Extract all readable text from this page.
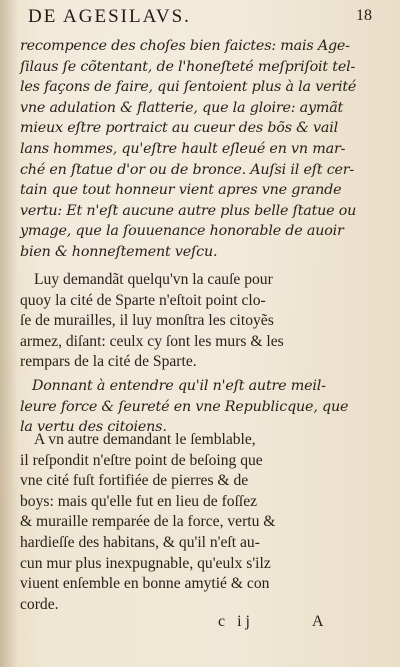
DE AGESILAVS.	18
recompence des choſes bien faictes: mais Age-
ſilaus ſe cõtentant, de l'honeſteté meſpriſoit tel-
les façons de faire, qui ſentoient plus à la verité
vne adulation & flatterie, que la gloire: aymãt
mieux eſtre portraict au cueur des bõs & vail
lans hommes, qu'eſtre hault eſleué en vn mar-
ché en ſtatue d'or ou de bronce. Auſsi il eſt cer-
tain que tout honneur vient apres vne grande
vertu: Et n'eſt aucune autre plus belle ſtatue ou
ymage, que la ſouuenance honorable de auoir
bien & honneſtement veſcu.
Luy demandãt quelqu'vn la cauſe pour
quoy la cité de Sparte n'eſtoit point clo-
ſe de murailles, il luy monſtra les citoyẽs
armez, diſant: ceulx cy ſont les murs & les
rempars de la cité de Sparte.
Donnant à entendre qu'il n'eſt autre meil-
leure force & ſeureté en vne Republicque, que
la vertu des citoiens.
A vn autre demandant le ſemblable,
il reſpondit n'eſtre point de beſoing que
vne cité fuſt fortifiée de pierres & de
boys: mais qu'elle fut en lieu de foſſez
& muraille remparée de la force, vertu &
hardieſſe des habitans, & qu'il n'eſt au-
cun mur plus inexpugnable, qu'eulx s'ilz
viuent enſemble en bonne amytié & con
corde.
c ij	A
